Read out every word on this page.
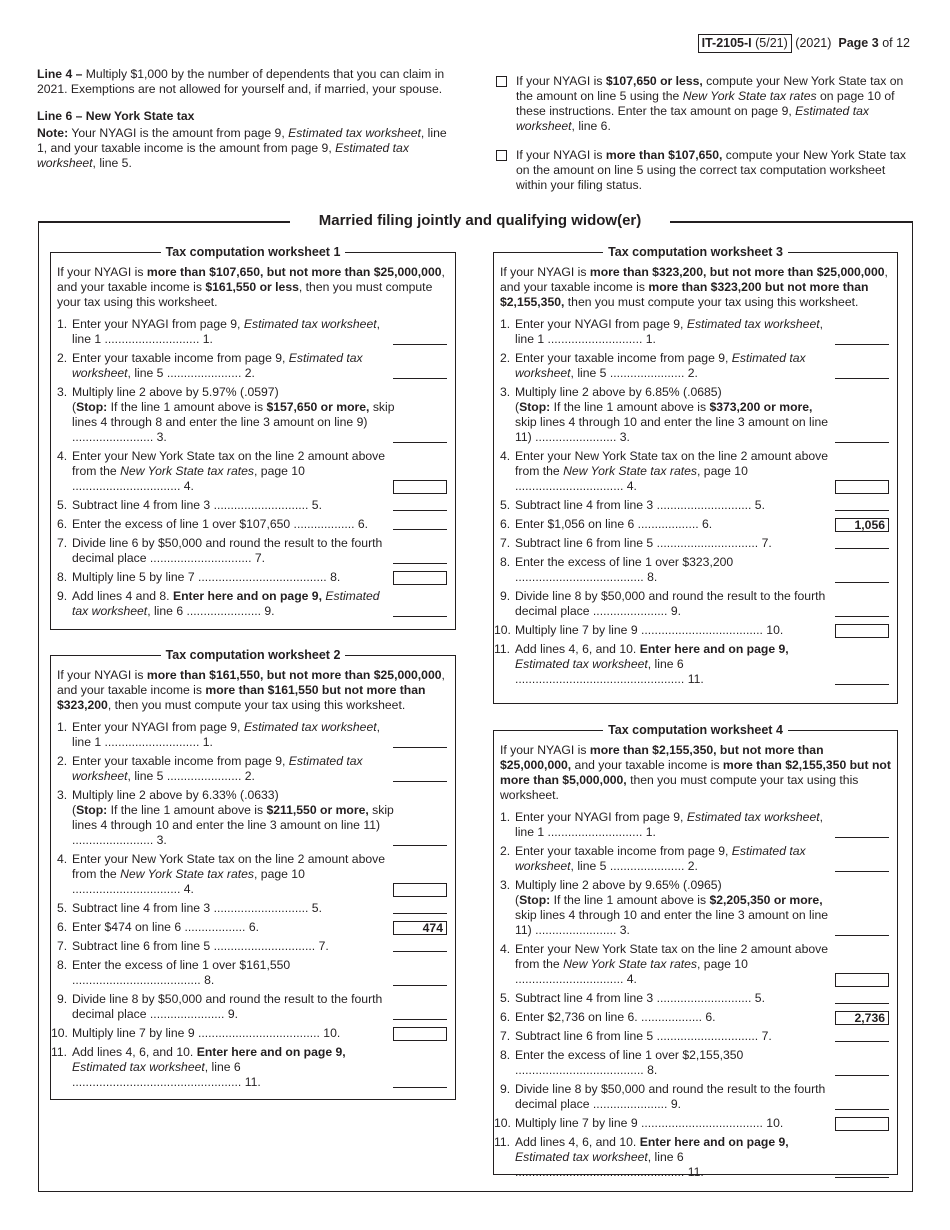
IT-2105-I (5/21) (2021) Page 3 of 12

Line 4 – Multiply $1,000 by the number of dependents that you can claim in 2021. Exemptions are not allowed for yourself and, if married, your spouse.

Line 6 – New York State tax

Note: Your NYAGI is the amount from page 9, Estimated tax worksheet, line 1, and your taxable income is the amount from page 9, Estimated tax worksheet, line 5.

If your NYAGI is $107,650 or less, compute your New York State tax on the amount on line 5 using the New York State tax rates on page 10 of these instructions. Enter the tax amount on page 9, Estimated tax worksheet, line 6.
If your NYAGI is more than $107,650, compute your New York State tax on the amount on line 5 using the correct tax computation worksheet within your filing status.
Married filing jointly and qualifying widow(er)
Tax computation worksheet 1
If your NYAGI is more than $107,650, but not more than $25,000,000, and your taxable income is $161,550 or less, then you must compute your tax using this worksheet.
1. Enter your NYAGI from page 9, Estimated tax worksheet, line 1 ............................ 1.
2. Enter your taxable income from page 9, Estimated tax worksheet, line 5 ...................... 2.
3. Multiply line 2 above by 5.97% (.0597)
(Stop: If the line 1 amount above is $157,650 or more, skip lines 4 through 8 and enter the line 3 amount on line 9) ........................ 3.
4. Enter your New York State tax on the line 2 amount above from the New York State tax rates, page 10 ................................ 4.
5. Subtract line 4 from line 3 ............................ 5.
6. Enter the excess of line 1 over $107,650 .................. 6.
7. Divide line 6 by $50,000 and round the result to the fourth decimal place .............................. 7.
8. Multiply line 5 by line 7 ...................................... 8.
9. Add lines 4 and 8. Enter here and on page 9, Estimated tax worksheet, line 6 ...................... 9.
Tax computation worksheet 2
If your NYAGI is more than $161,550, but not more than $25,000,000, and your taxable income is more than $161,550 but not more than $323,200, then you must compute your tax using this worksheet.
1. Enter your NYAGI from page 9, Estimated tax worksheet, line 1 ............................ 1.
2. Enter your taxable income from page 9, Estimated tax worksheet, line 5 ...................... 2.
3. Multiply line 2 above by 6.33% (.0633)
(Stop: If the line 1 amount above is $211,550 or more, skip lines 4 through 10 and enter the line 3 amount on line 11) ........................ 3.
4. Enter your New York State tax on the line 2 amount above from the New York State tax rates, page 10 ................................ 4.
5. Subtract line 4 from line 3 ............................ 5.
6. Enter $474 on line 6 .................. 6.	474
7. Subtract line 6 from line 5 .............................. 7.
8. Enter the excess of line 1 over $161,550 ...................................... 8.
9. Divide line 8 by $50,000 and round the result to the fourth decimal place ...................... 9.
10. Multiply line 7 by line 9 .................................... 10.
11. Add lines 4, 6, and 10. Enter here and on page 9, Estimated tax worksheet, line 6 .................................................. 11.
Tax computation worksheet 3
If your NYAGI is more than $323,200, but not more than $25,000,000, and your taxable income is more than $323,200 but not more than $2,155,350, then you must compute your tax using this worksheet.
1. Enter your NYAGI from page 9, Estimated tax worksheet, line 1 ............................ 1.
2. Enter your taxable income from page 9, Estimated tax worksheet, line 5 ...................... 2.
3. Multiply line 2 above by 6.85% (.0685)
(Stop: If the line 1 amount above is $373,200 or more, skip lines 4 through 10 and enter the line 3 amount on line 11) ........................ 3.
4. Enter your New York State tax on the line 2 amount above from the New York State tax rates, page 10 ................................ 4.
5. Subtract line 4 from line 3 ............................ 5.
6. Enter $1,056 on line 6 .................. 6.	1,056
7. Subtract line 6 from line 5 .............................. 7.
8. Enter the excess of line 1 over $323,200 ...................................... 8.
9. Divide line 8 by $50,000 and round the result to the fourth decimal place ...................... 9.
10. Multiply line 7 by line 9 .................................... 10.
11. Add lines 4, 6, and 10. Enter here and on page 9, Estimated tax worksheet, line 6 .................................................. 11.
Tax computation worksheet 4
If your NYAGI is more than $2,155,350, but not more than $25,000,000, and your taxable income is more than $2,155,350 but not more than $5,000,000, then you must compute your tax using this worksheet.
1. Enter your NYAGI from page 9, Estimated tax worksheet, line 1 ............................ 1.
2. Enter your taxable income from page 9, Estimated tax worksheet, line 5 ...................... 2.
3. Multiply line 2 above by 9.65% (.0965)
(Stop: If the line 1 amount above is $2,205,350 or more, skip lines 4 through 10 and enter the line 3 amount on line 11) ........................ 3.
4. Enter your New York State tax on the line 2 amount above from the New York State tax rates, page 10 ................................ 4.
5. Subtract line 4 from line 3 ............................ 5.
6. Enter $2,736 on line 6. .................. 6.	2,736
7. Subtract line 6 from line 5 .............................. 7.
8. Enter the excess of line 1 over $2,155,350 ...................................... 8.
9. Divide line 8 by $50,000 and round the result to the fourth decimal place ...................... 9.
10. Multiply line 7 by line 9 .................................... 10.
11. Add lines 4, 6, and 10. Enter here and on page 9, Estimated tax worksheet, line 6 .................................................. 11.
